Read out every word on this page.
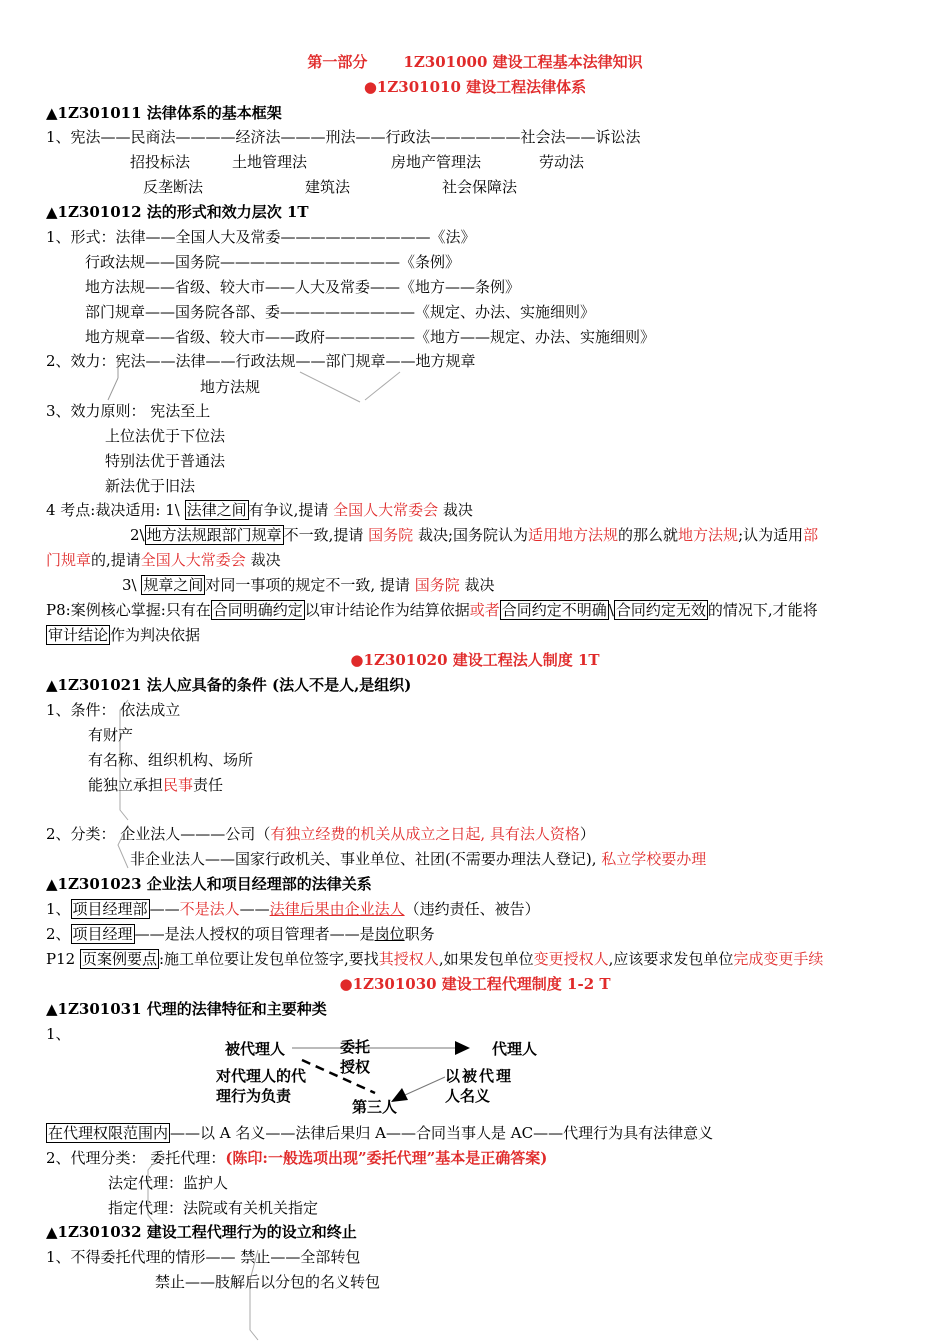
第一部分 1Z301000 建设工程基本法律知识
●1Z301010 建设工程法律体系
▲1Z301011 法律体系的基本框架
1、宪法——民商法————经济法———刑法——行政法——————社会法——诉讼法
招投标法	土地管理法	房地产管理法	劳动法
反垄断法	建筑法	社会保障法
▲1Z301012 法的形式和效力层次 1T
1、形式：法律——全国人大及常委——————————《法》
行政法规——国务院————————————《条例》
地方法规——省级、较大市——人大及常委——《地方——条例》
部门规章——国务院各部、委—————————《规定、办法、实施细则》
地方规章——省级、较大市——政府——————《地方——规定、办法、实施细则》
2、效力：宪法——法律——行政法规——部门规章——地方规章
地方法规
3、效力原则： 宪法至上
上位法优于下位法
特别法优于普通法
新法优于旧法
4 考点:裁决适用: 1\ 法律之间 有争议,提请 全国人大常委会 裁决
2\ 地方法规跟部门规章 不一致,提请 国务院 裁决;国务院认为适用地方法规的那么就地方法规;认为适用部
门规章的,提请全国人大常委会 裁决
3\ 规章之间 对同一事项的规定不一致, 提请 国务院 裁决
P8:案例核心掌握:只有在 合同明确约定 以审计结论作为结算依据或者 合同约定不明确 \ 合同约定无效 的情况下,才能将
审计结论 作为判决依据
●1Z301020 建设工程法人制度 1T
▲1Z301021 法人应具备的条件 (法人不是人,是组织)
1、条件： 依法成立
有财产
有名称、组织机构、场所
能独立承担民事责任
2、分类： 企业法人———公司（有独立经费的机关从成立之日起, 具有法人资格）
非企业法人——国家行政机关、事业单位、社团(不需要办理法人登记), 私立学校要办理
▲1Z301023 企业法人和项目经理部的法律关系
1、 项目经理部 ——不是法人——法律后果由企业法人（违约责任、被告）
2、 项目经理 ——是法人授权的项目管理者——是岗位职务
P12 页案例要点 :施工单位要让发包单位签字,要找其授权人,如果发包单位变更授权人,应该要求发包单位完成变更手续
●1Z301030 建设工程代理制度 1-2 T
▲1Z301031 代理的法律特征和主要种类
1、
被代理人	委托
授权
代理人
对代理人的代
理行为负责
以被代理
人名义
第三人
在代理权限范围内 ——以 A 名义——法律后果归 A——合同当事人是 AC——代理行为具有法律意义
2、代理分类： 委托代理：(陈印:一般选项出现”委托代理”基本是正确答案)
法定代理：监护人
指定代理：法院或有关机关指定
▲1Z301032 建设工程代理行为的设立和终止
1、不得委托代理的情形—— 禁止——全部转包
禁止——肢解后以分包的名义转包
